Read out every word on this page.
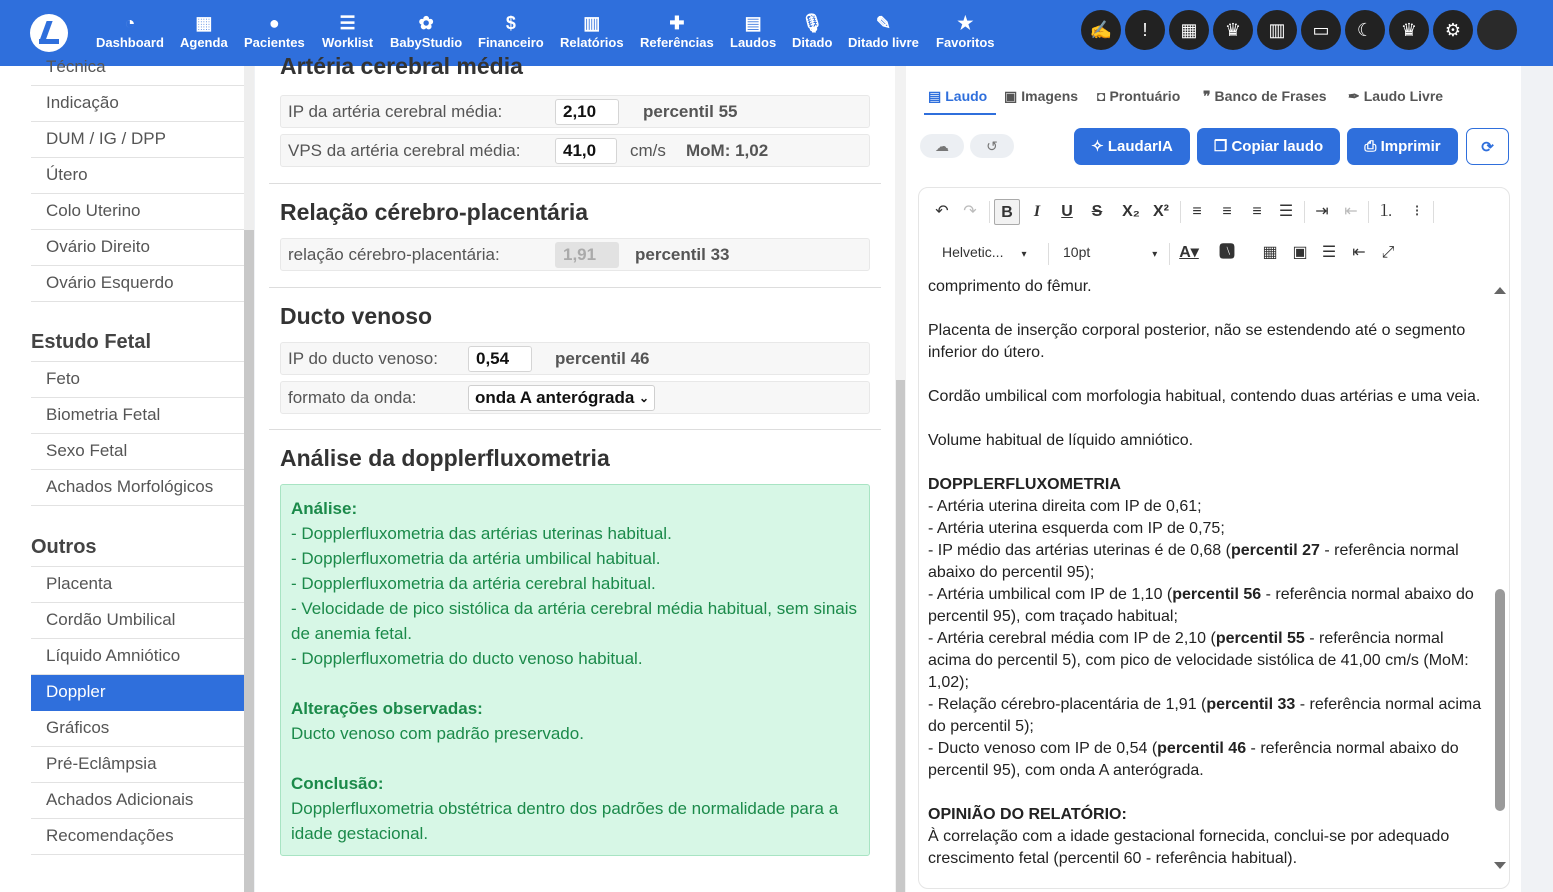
◔
Dashboard
▦
Agenda
●
Pacientes
☰
Worklist
✿
BabyStudio
$
Financeiro
▥
Relatórios
✚
Referências
▤
Laudos
🎙
Ditado
✎
Ditado livre
★
Favoritos
✍	!	▦	♛	▥	▭	☾	♛	⚙
Técnica
Indicação
DUM / IG / DPP
Útero
Colo Uterino
Ovário Direito
Ovário Esquerdo
Estudo Fetal
Feto
Biometria Fetal
Sexo Fetal
Achados Morfológicos
Outros
Placenta
Cordão Umbilical
Líquido Amniótico
Doppler
Gráficos
Pré-Eclâmpsia
Achados Adicionais
Recomendações
Artéria cerebral média
IP da artéria cerebral média:	2,10	percentil 55
VPS da artéria cerebral média:	41,0	cm/s MoM: 1,02
Relação cérebro-placentária
relação cérebro-placentária:	1,91	percentil 33
Ducto venoso
IP do ducto venoso:	0,54	percentil 46
formato da onda:	onda A anterógrada ⌄
Análise da dopplerfluxometria
Análise:
- Dopplerfluxometria das artérias uterinas habitual.
- Dopplerfluxometria da artéria umbilical habitual.
- Dopplerfluxometria da artéria cerebral habitual.
- Velocidade de pico sistólica da artéria cerebral média habitual, sem sinais de anemia fetal.
- Dopplerfluxometria do ducto venoso habitual.
Alterações observadas:
Ducto venoso com padrão preservado.
Conclusão:
Dopplerfluxometria obstétrica dentro dos padrões de normalidade para a idade gestacional.
▤ Laudo ▣ Imagens ◘ Prontuário ❞ Banco de Frases ✒ Laudo Livre
☁	↺	✧ LaudarIA	❐ Copiar laudo	⎙ Imprimir	⟳
↶ ↷	B	I	U	S	X₂ X²	≡	≡	≡	☰	⇥ ⇤	⒈	⁝
Helvetic... ▾	10pt	▾ A▾	🅰	▦ ▣ ☰	⇤ ⤢

comprimento do fêmur.

Placenta de inserção corporal posterior, não se estendendo até o segmento inferior do útero.

Cordão umbilical com morfologia habitual, contendo duas artérias e uma veia.

Volume habitual de líquido amniótico.

DOPPLERFLUXOMETRIA

- Artéria uterina direita com IP de 0,61;

- Artéria uterina esquerda com IP de 0,75;

- IP médio das artérias uterinas é de 0,68 (percentil 27 - referência normal abaixo do percentil 95);

- Artéria umbilical com IP de 1,10 (percentil 56 - referência normal abaixo do percentil 95), com traçado habitual;

- Artéria cerebral média com IP de 2,10 (percentil 55 - referência normal acima do percentil 5), com pico de velocidade sistólica de 41,00 cm/s (MoM: 1,02);

- Relação cérebro-placentária de 1,91 (percentil 33 - referência normal acima do percentil 5);

- Ducto venoso com IP de 0,54 (percentil 46 - referência normal abaixo do percentil 95), com onda A anterógrada.

OPINIÃO DO RELATÓRIO:

À correlação com a idade gestacional fornecida, conclui-se por adequado crescimento fetal (percentil 60 - referência habitual).
